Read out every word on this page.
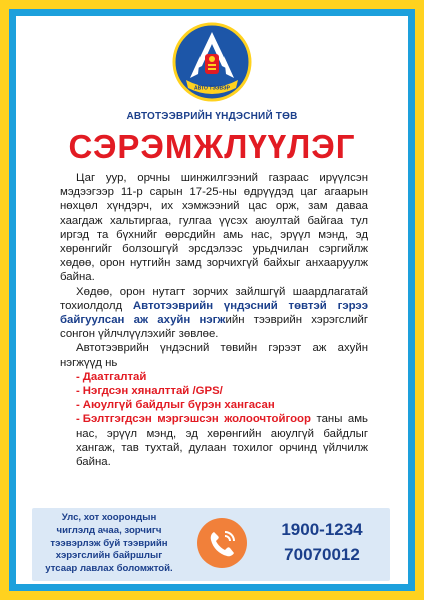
АВТО ТЭЭВЭР
АВТОТЭЭВРИЙН ҮНДЭСНИЙ ТӨВ
СЭРЭМЖЛҮҮЛЭГ

Цаг уур, орчны шинжилгээний газраас ирүүлсэн мэдээгээр 11-р сарын 17-25-ны өдрүүдэд цаг агаарын нөхцөл хүндэрч, их хэмжээний цас орж, зам даваа хаагдаж хальтиргаа, гулгаа үүсэх аюултай байгаа тул иргэд та бүхнийг өөрсдийн амь нас, эрүүл мэнд, эд хөрөнгийг болзошгүй эрсдэлээс урьдчилан сэргийлж хөдөө, орон нутгийн замд зорчихгүй байхыг анхааруулж байна.

Хөдөө, орон нутагт зорчих зайлшгүй шаардлагатай тохиолдолд Автотээврийн үндэсний төвтэй гэрээ байгуулсан аж ахуйн нэгжийн тээврийн хэрэгслийг сонгон үйлчлүүлэхийг зөвлөе.

Автотээврийн үндэсний төвийн гэрээт аж ахуйн нэгжүүд нь

- Даатгалтай
- Нэгдсэн хяналттай /GPS/
- Аюулгүй байдлыг бүрэн хангасан
- Бэлтгэгдсэн мэргэшсэн жолоочтойгоор таны амь нас, эрүүл мэнд, эд хөрөнгийн аюулгүй байдлыг хангаж, тав тухтай, дулаан тохилог орчинд үйлчилж байна.
Улс, хот хоорондын чиглэлд ачаа, зорчигч тээвэрлэж буй тээврийн хэрэгслийн байршлыг утсаар лавлах боломжтой.
1900-1234
70070012
